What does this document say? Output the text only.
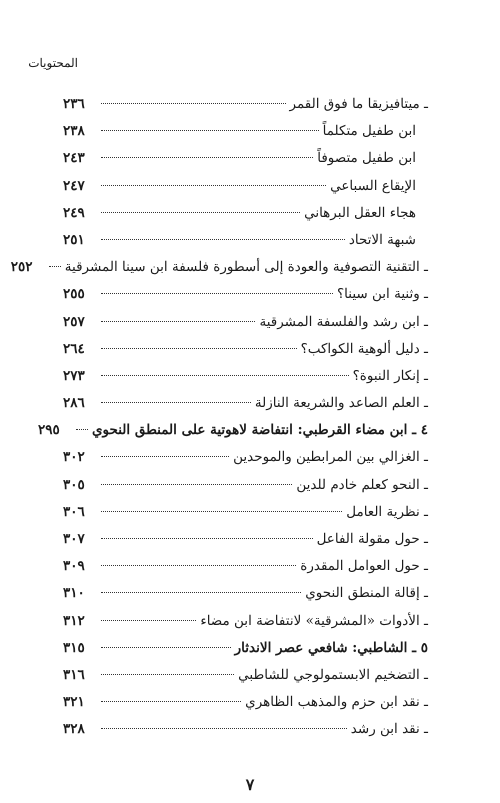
المحتويات
ـ ميتافيزيقا ما فوق القمر
٢٣٦
ابن طفيل متكلماً
٢٣٨
ابن طفيل متصوفاً
٢٤٣
الإيقاع السباعي
٢٤٧
هجاء العقل البرهاني
٢٤٩
شبهة الاتحاد
٢٥١
ـ التقنية التصوفية والعودة إلى أسطورة فلسفة ابن سينا المشرقية
٢٥٢
ـ وثنية ابن سينا؟
٢٥٥
ـ ابن رشد والفلسفة المشرقية
٢٥٧
ـ دليل ألوهية الكواكب؟
٢٦٤
ـ إنكار النبوة؟
٢٧٣
ـ العلم الصاعد والشريعة النازلة
٢٨٦
٤ ـ ابن مضاء القرطبي: انتفاضة لاهوتية على المنطق النحوي
٢٩٥
ـ الغزالي بين المرابطين والموحدين
٣٠٢
ـ النحو كعلم خادم للدين
٣٠٥
ـ نظرية العامل
٣٠٦
ـ حول مقولة الفاعل
٣٠٧
ـ حول العوامل المقدرة
٣٠٩
ـ إقالة المنطق النحوي
٣١٠
ـ الأدوات «المشرقية» لانتفاضة ابن مضاء
٣١٢
٥ ـ الشاطبي: شافعي عصر الاندثار
٣١٥
ـ التضخيم الابستمولوجي للشاطبي
٣١٦
ـ نقد ابن حزم والمذهب الظاهري
٣٢١
ـ نقد ابن رشد
٣٢٨
٧
